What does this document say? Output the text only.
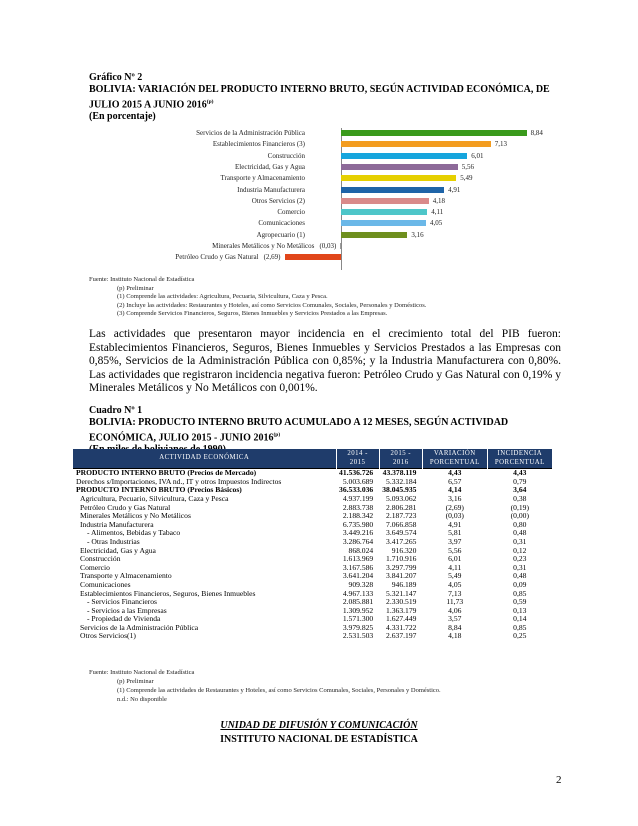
Gráfico Nº 2
BOLIVIA: VARIACIÓN DEL PRODUCTO INTERNO BRUTO, SEGÚN ACTIVIDAD ECONÓMICA, DE JULIO 2015 A JUNIO 2016$^{(p)}$
(En porcentaje)
Servicios de la Administración Pública	8,84
Establecimientos Financieros (3)	7,13
Construcción	6,01
Electricidad, Gas y Agua	5,56
Transporte y Almacenamiento	5,49
Industria Manufacturera	4,91
Otros Servicios (2)	4,18
Comercio	4,11
Comunicaciones	4,05
Agropecuario (1)	3,16
Minerales Metálicos y No Metálicos (0,03)
Petróleo Crudo y Gas Natural (2,69)
Fuente: Instituto Nacional de Estadística
(p) Preliminar
(1) Comprende las actividades: Agricultura, Pecuaria, Silvicultura, Caza y Pesca.
(2) Incluye las actividades: Restaurantes y Hoteles, así como Servicios Comunales, Sociales, Personales y Domésticos.
(3) Comprende Servicios Financieros, Seguros, Bienes Inmuebles y Servicios Prestados a las Empresas.
Las actividades que presentaron mayor incidencia en el crecimiento total del PIB fueron: Establecimientos Financieros, Seguros, Bienes Inmuebles y Servicios Prestados a las Empresas con 0,85%, Servicios de la Administración Pública con 0,85%; y la Industria Manufacturera con 0,80%. Las actividades que registraron incidencia negativa fueron: Petróleo Crudo y Gas Natural con 0,19% y Minerales Metálicos y No Metálicos con 0,001%.
Cuadro Nº 1
BOLIVIA: PRODUCTO INTERNO BRUTO ACUMULADO A 12 MESES, SEGÚN ACTIVIDAD ECONÓMICA, JULIO 2015 - JUNIO 2016$^{(p)}$
ACTIVIDAD ECONÓMICA	2014 - 2015	2015 - 2016	VARIACIÓN PORCENTUAL	INCIDENCIA PORCENTUAL
PRODUCTO INTERNO BRUTO (Precios de Mercado)	41.536.726	43.378.119	4,43	4,43
Derechos s/Importaciones, IVA nd., IT y otros Impuestos Indirectos	5.003.689	5.332.184	6,57	0,79
PRODUCTO INTERNO BRUTO (Precios Básicos)	36.533.036	38.045.935	4,14	3,64
Agricultura, Pecuario, Silvicultura, Caza y Pesca	4.937.199	5.093.062	3,16	0,38
Petróleo Crudo y Gas Natural	2.883.738	2.806.281	(2,69)	(0,19)
Minerales Metálicos y No Metálicos	2.188.342	2.187.723	(0,03)	(0,00)
Industria Manufacturera	6.735.980	7.066.858	4,91	0,80
- Alimentos, Bebidas y Tabaco	3.449.216	3.649.574	5,81	0,48
- Otras Industrias	3.286.764	3.417.265	3,97	0,31
Electricidad, Gas y Agua	868.024	916.320	5,56	0,12
Construcción	1.613.969	1.710.916	6,01	0,23
Comercio	3.167.586	3.297.799	4,11	0,31
Transporte y Almacenamiento	3.641.204	3.841.207	5,49	0,48
Comunicaciones	909.328	946.189	4,05	0,09
Establecimientos Financieros, Seguros, Bienes Inmuebles	4.967.133	5.321.147	7,13	0,85
- Servicios Financieros	2.085.881	2.330.519	11,73	0,59
- Servicios a las Empresas	1.309.952	1.363.179	4,06	0,13
- Propiedad de Vivienda	1.571.300	1.627.449	3,57	0,14
Servicios de la Administración Pública	3.979.825	4.331.722	8,84	0,85
Otros Servicios(1)	2.531.503	2.637.197	4,18	0,25
Fuente: Instituto Nacional de Estadística
(p) Preliminar
(1) Comprende las actividades de Restaurantes y Hoteles, así como Servicios Comunales, Sociales, Personales y Doméstico.
n.d.: No disponible
UNIDAD DE DIFUSIÓN Y COMUNICACIÓN
INSTITUTO NACIONAL DE ESTADÍSTICA
2
